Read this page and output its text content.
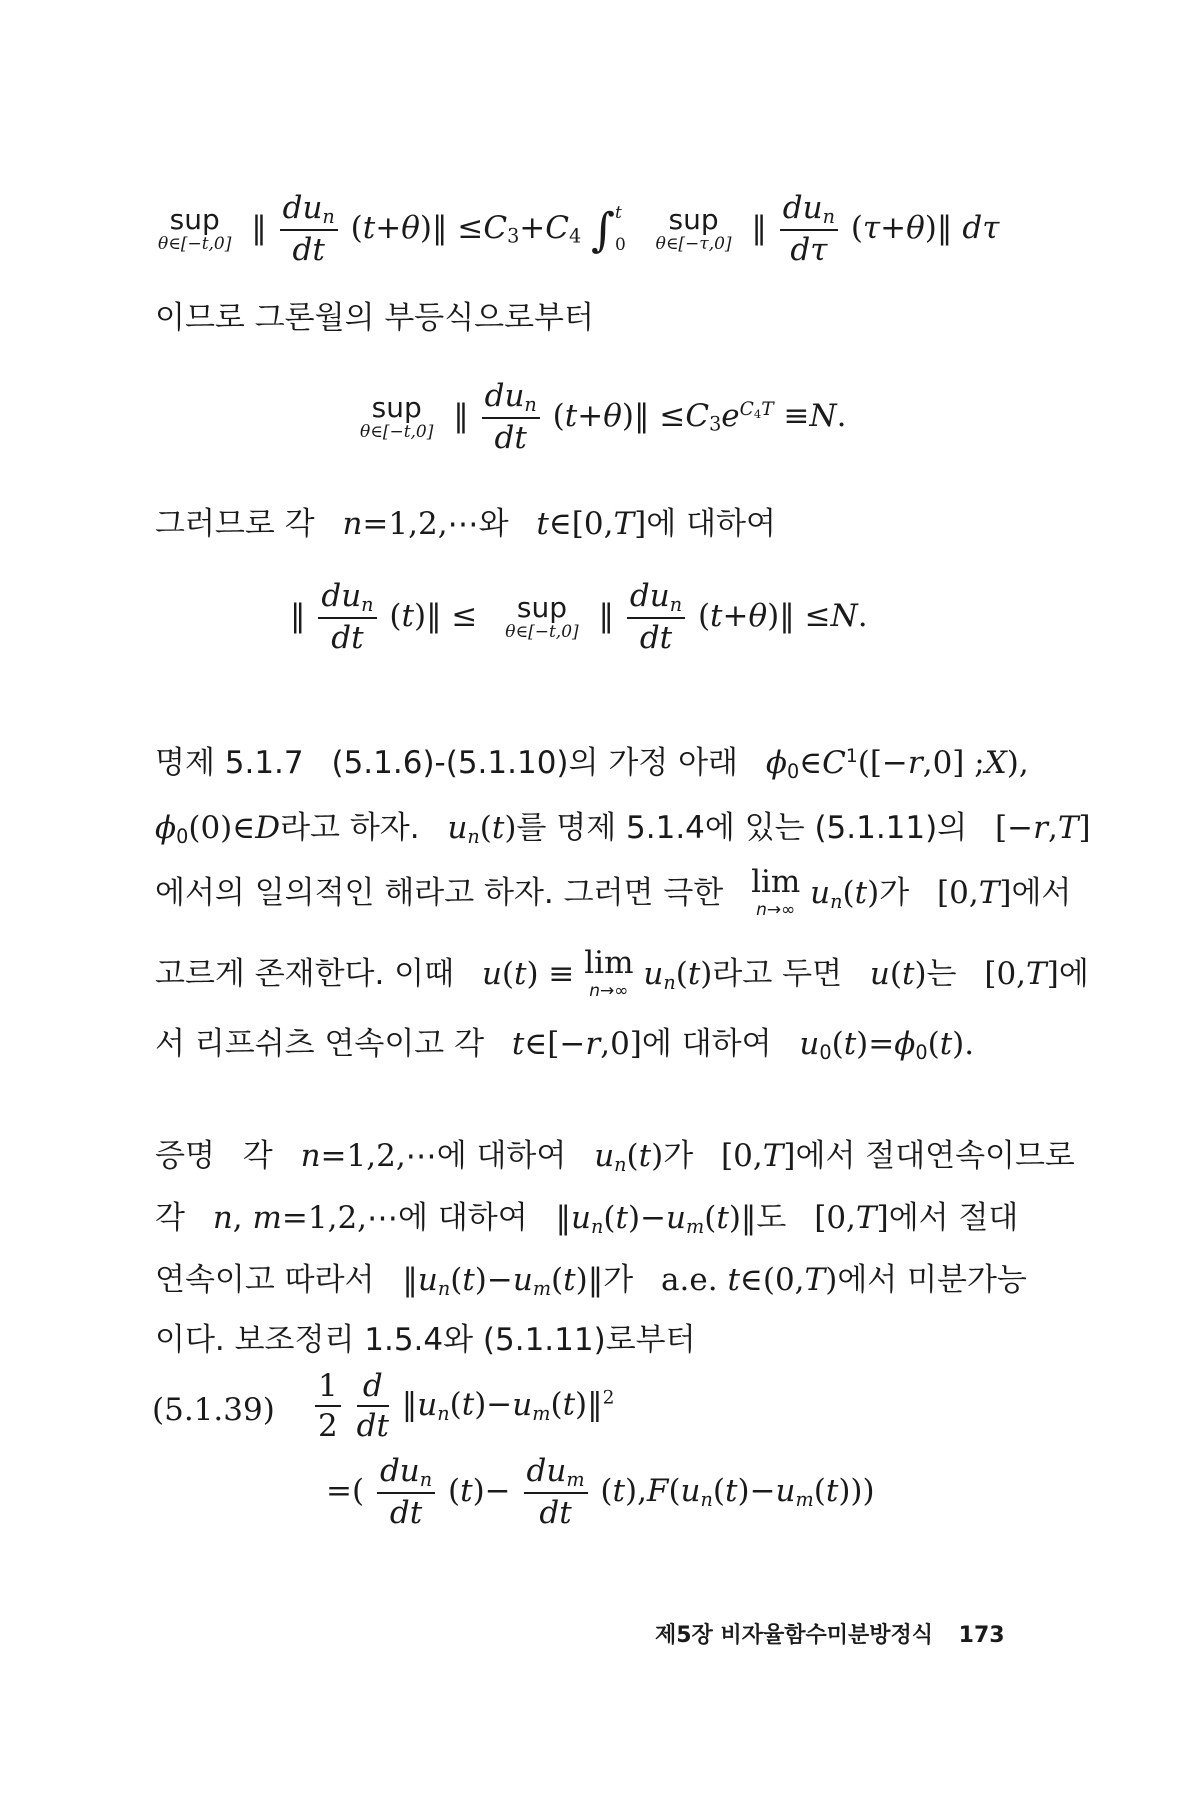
sup
θ∈[−t,0] ‖ $\frac{du_n}{dt}$ (t+θ)‖ $\le C_3+C_4$ ∫ t
0

sup
θ∈[−τ,0] ‖ $\frac{du_n}{d\tau}$ (τ+θ)‖ dτ
이므로 그론월의 부등식으로부터
sup
θ∈[−t,0] ‖ $\frac{du_n}{dt}$ (t+θ)‖ $\le C_3e^{C_4T} \equiv N$.
그러므로 각 n=1,2,⋯와 t∈[0,T]에 대하여
‖ $\frac{du_n}{dt}$ (t)‖ ≤	sup
θ∈[−t,0] ‖ $\frac{du_n}{dt}$ (t+θ)‖ ≤N.
명제 5.1.7 (5.1.6)-(5.1.10)의 가정 아래 $\phi_0\in C^1([-r,0]$ ;X),
$\phi_0(0)\in D$라고 하자. $u_n(t)$를 명제 5.1.4에 있는 (5.1.11)의 [−r,T]
에서의 일의적인 해라고 하자. 그러면 극한 lim
n→∞ $u_n(t)$가 [0,T]에서
고르게 존재한다. 이때 u(t) ≡ lim
n→∞ $u_n(t)$라고 두면 u(t)는 [0,T]에
서 리프쉬츠 연속이고 각 t∈[−r,0]에 대하여 $u_0(t)=\phi_0(t)$.
증명 각 n=1,2,⋯에 대하여 $u_n(t)$가 [0,T]에서 절대연속이므로
각 n, m=1,2,⋯에 대하여 $‖u_n(t)-u_m(t)‖$도 [0,T]에서 절대
연속이고 따라서 $‖u_n(t)-u_m(t)‖$가 a.e. t∈(0,T)에서 미분가능
이다. 보조정리 1.5.4와 (5.1.11)로부터
$(5.1.39) \frac{1}{2}$
$\frac{d}{dt}$ $‖u_n(t)-u_m(t)‖^2$
=( $\frac{du_n}{dt} (t)- \frac{du_m}{dt} (t),F(u_n(t)-u_m(t))$)
제5장 비자율함수미분방정식 173
